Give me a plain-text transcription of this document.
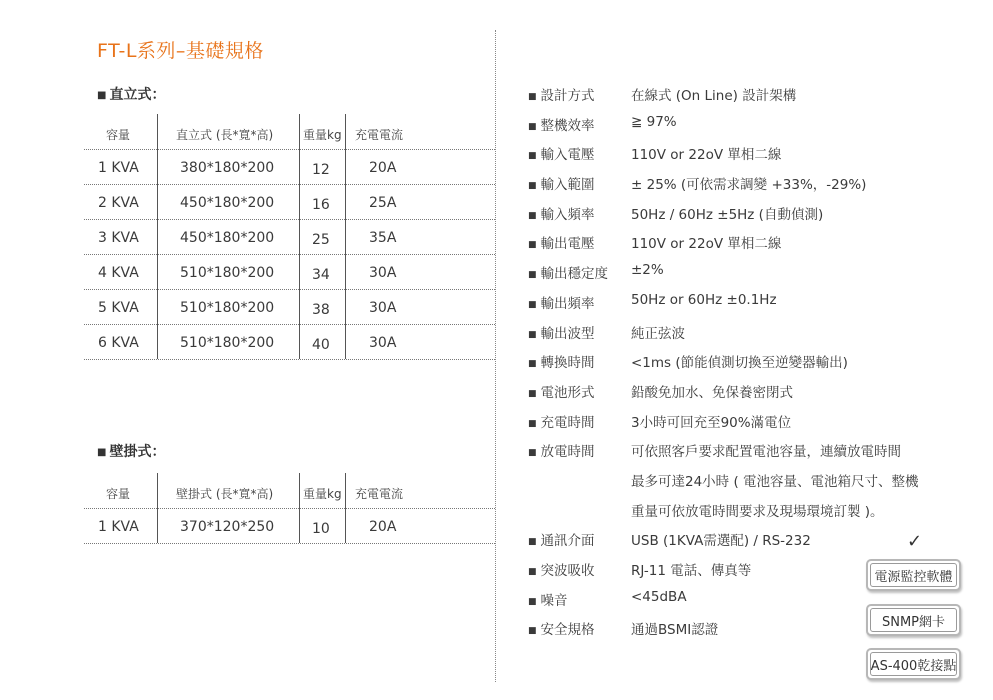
FT-L系列–基礎規格
■ 直立式：
容量	直立式 (長*寬*高) 重量kg 充電電流
1 KVA	380*180*200	12	20A
2 KVA	450*180*200	16	25A
3 KVA	450*180*200	25	35A
4 KVA	510*180*200	34	30A
5 KVA	510*180*200	38	30A
6 KVA	510*180*200	40	30A
■ 壁掛式：
容量	壁掛式 (長*寬*高) 重量kg 充電電流
1 KVA	370*120*250	10	20A
■ 設計方式	在線式 (On Line) 設計架構
■ 整機效率	≧ 97%
■ 輸入電壓	110V or 22oV 單相二線
■ 輸入範圍	± 25% (可依需求調變 +33%，-29%)
■ 輸入頻率	50Hz / 60Hz ±5Hz (自動偵測)
■ 輸出電壓	110V or 22oV 單相二線
■ 輸出穩定度 ±2%
■ 輸出頻率	50Hz or 60Hz ±0.1Hz
■ 輸出波型	純正弦波
■ 轉換時間	<1ms (節能偵測切換至逆變器輸出)
■ 電池形式	鉛酸免加水、免保養密閉式
■ 充電時間	3小時可回充至90%滿電位
■ 放電時間	可依照客戶要求配置電池容量，連續放電時間
最多可達24小時 ( 電池容量、電池箱尺寸、整機
重量可依放電時間要求及現場環境訂製 )。
■ 通訊介面	USB (1KVA需選配) / RS-232
■ 突波吸收	RJ-11 電話、傳真等
■ 噪音	<45dBA
■ 安全規格	通過BSMI認證
✓
電源監控軟體
SNMP網卡
AS-400乾接點
